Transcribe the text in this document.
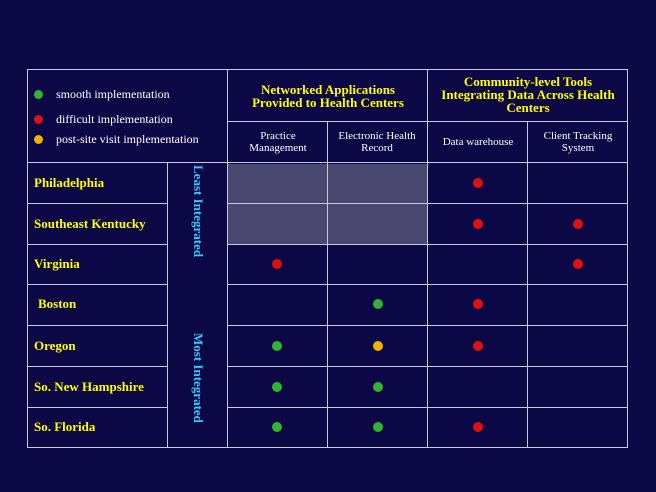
smooth implementation
difficult implementation
post-site visit implementation
Networked Applications Provided to Health Centers
Community-level Tools Integrating Data Across Health Centers
Practice Management
Electronic Health Record	Data warehouse	Client Tracking System
Philadelphia
Southeast Kentucky
Virginia
Boston
Oregon
So. New Hampshire
So. Florida
Least Integrated
Most Integrated
